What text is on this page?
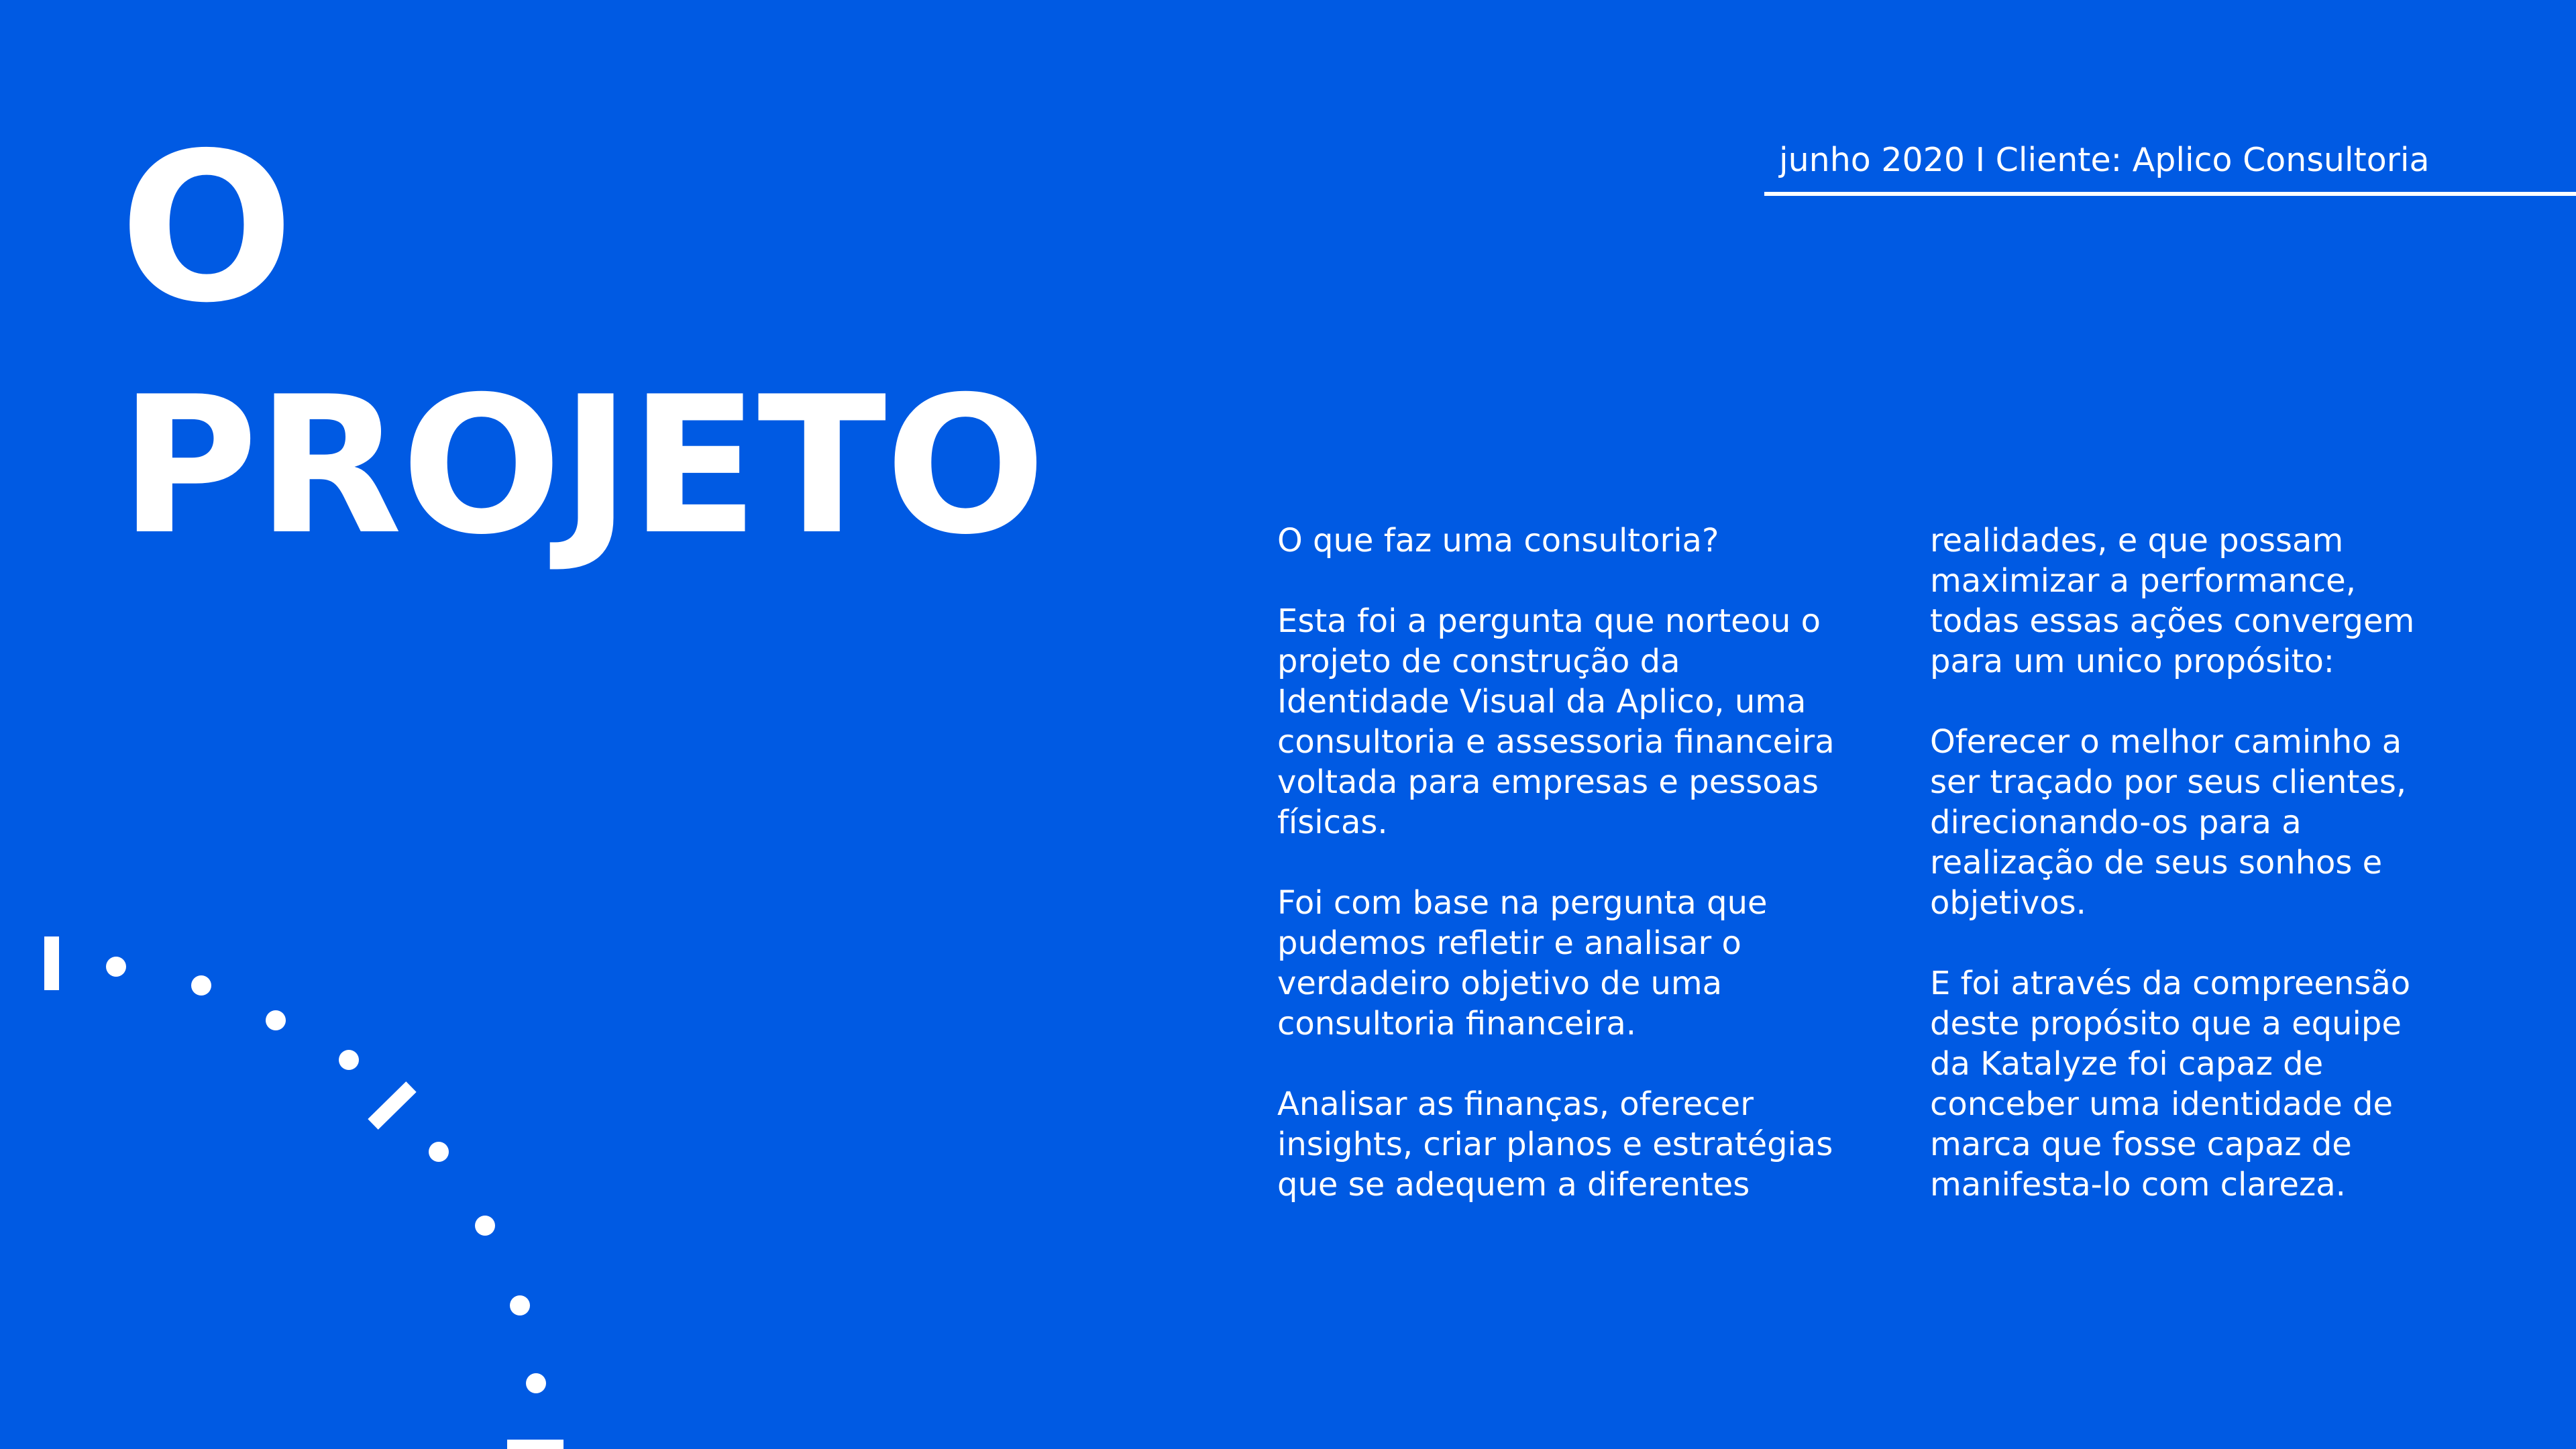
O
PROJETO
junho 2020 I Cliente: Aplico Consultoria

O que faz uma consultoria?

Esta foi a pergunta que norteou o
projeto de construção da
Identidade Visual da Aplico, uma
consultoria e assessoria financeira
voltada para empresas e pessoas
físicas.

Foi com base na pergunta que
pudemos refletir e analisar o
verdadeiro objetivo de uma
consultoria financeira.

Analisar as finanças, oferecer
insights, criar planos e estratégias
que se adequem a diferentes

realidades, e que possam
maximizar a performance,
todas essas ações convergem
para um unico propósito:

Oferecer o melhor caminho a
ser traçado por seus clientes,
direcionando-os para a
realização de seus sonhos e
objetivos.

E foi através da compreensão
deste propósito que a equipe
da Katalyze foi capaz de
conceber uma identidade de
marca que fosse capaz de
manifesta-lo com clareza.
